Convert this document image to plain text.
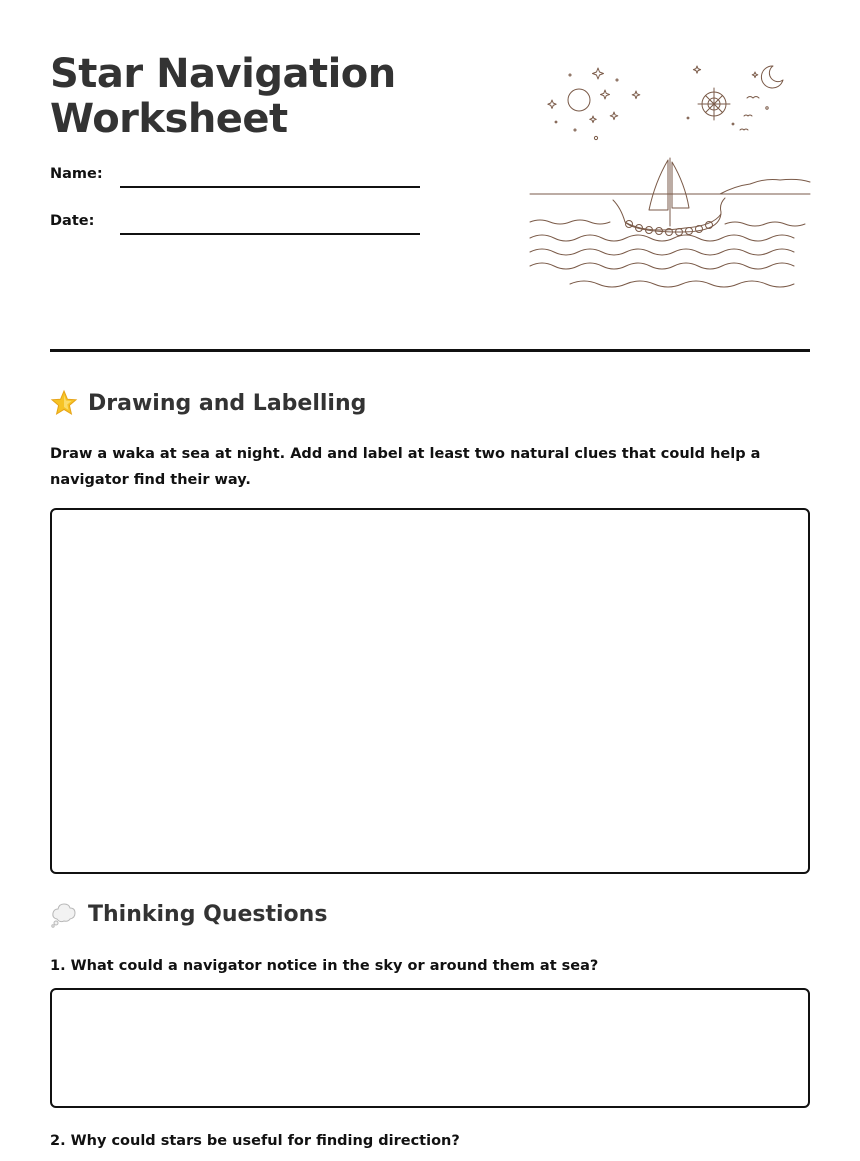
Star Navigation
Worksheet
Name:
Date:
Drawing and Labelling

Draw a waka at sea at night. Add and label at least two natural clues that could help a navigator find their way.

Thinking Questions

1. What could a navigator notice in the sky or around them at sea?

2. Why could stars be useful for finding direction?
